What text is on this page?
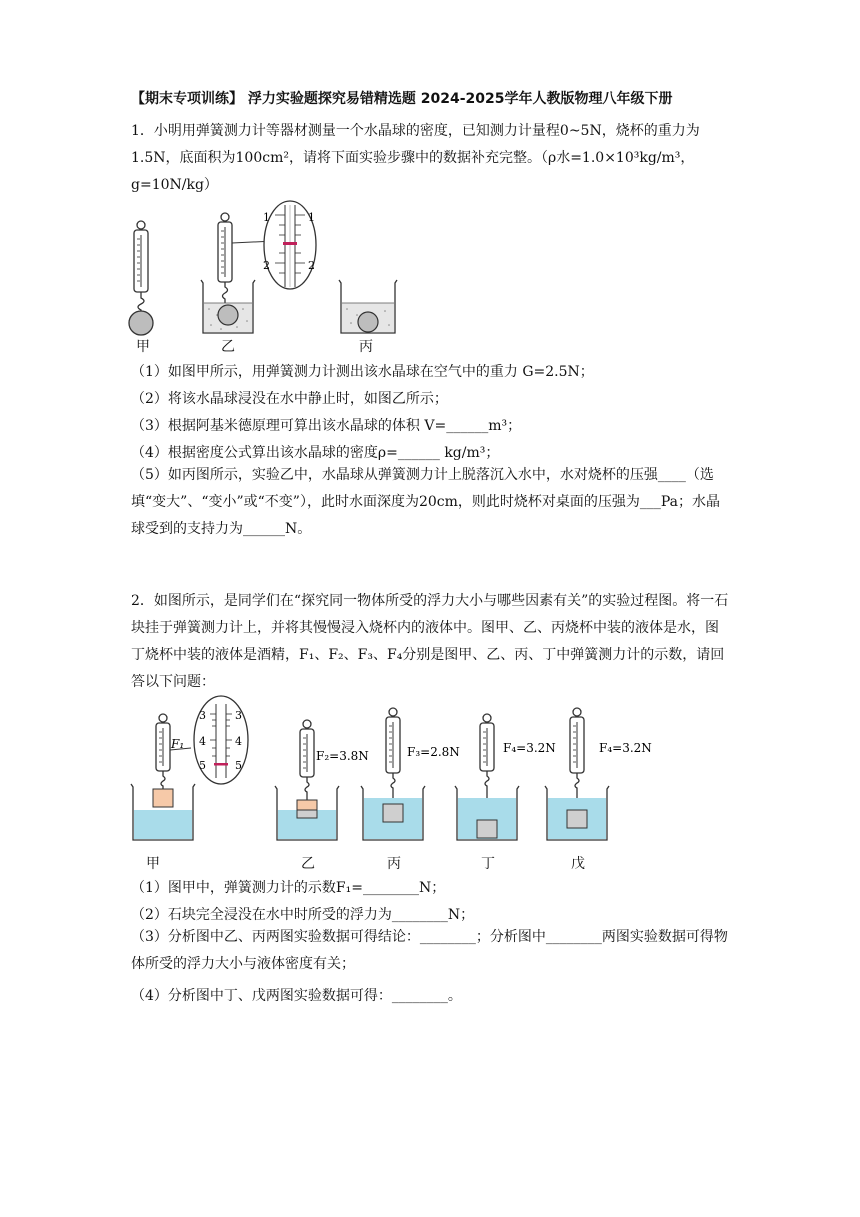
【期末专项训练】 浮力实验题探究易错精选题 2024-2025学年人教版物理八年级下册
1．小明用弹簧测力计等器材测量一个水晶球的密度，已知测力计量程0~5N，烧杯的重力为1.5N，底面积为100cm²，请将下面实验步骤中的数据补充完整。（ρ水=1.0×10³kg/m³，g=10N/kg）
1	1
2	2
甲	乙	丙
（1）如图甲所示，用弹簧测力计测出该水晶球在空气中的重力 G=2.5N；
（2）将该水晶球浸没在水中静止时，如图乙所示；
（3）根据阿基米德原理可算出该水晶球的体积 V=______m³；
（4）根据密度公式算出该水晶球的密度ρ=______ kg/m³；
（5）如丙图所示，实验乙中，水晶球从弹簧测力计上脱落沉入水中，水对烧杯的压强____（选填“变大”、“变小”或“不变”），此时水面深度为20cm，则此时烧杯对桌面的压强为___Pa；水晶球受到的支持力为______N。
2．如图所示，是同学们在“探究同一物体所受的浮力大小与哪些因素有关”的实验过程图。将一石块挂于弹簧测力计上，并将其慢慢浸入烧杯内的液体中。图甲、乙、丙烧杯中装的液体是水，图丁烧杯中装的液体是酒精，F₁、F₂、F₃、F₄分别是图甲、乙、丙、丁中弹簧测力计的示数，请回答以下问题：
3	3
4	4
5	5
F₁
F₂=3.8N	F₃=2.8N	F₄=3.2N	F₄=3.2N
甲	乙	丙	丁	戊
（1）图甲中，弹簧测力计的示数F₁=________N；
（2）石块完全浸没在水中时所受的浮力为________N；
（3）分析图中乙、丙两图实验数据可得结论：________；分析图中________两图实验数据可得物体所受的浮力大小与液体密度有关；
（4）分析图中丁、戊两图实验数据可得：________。
